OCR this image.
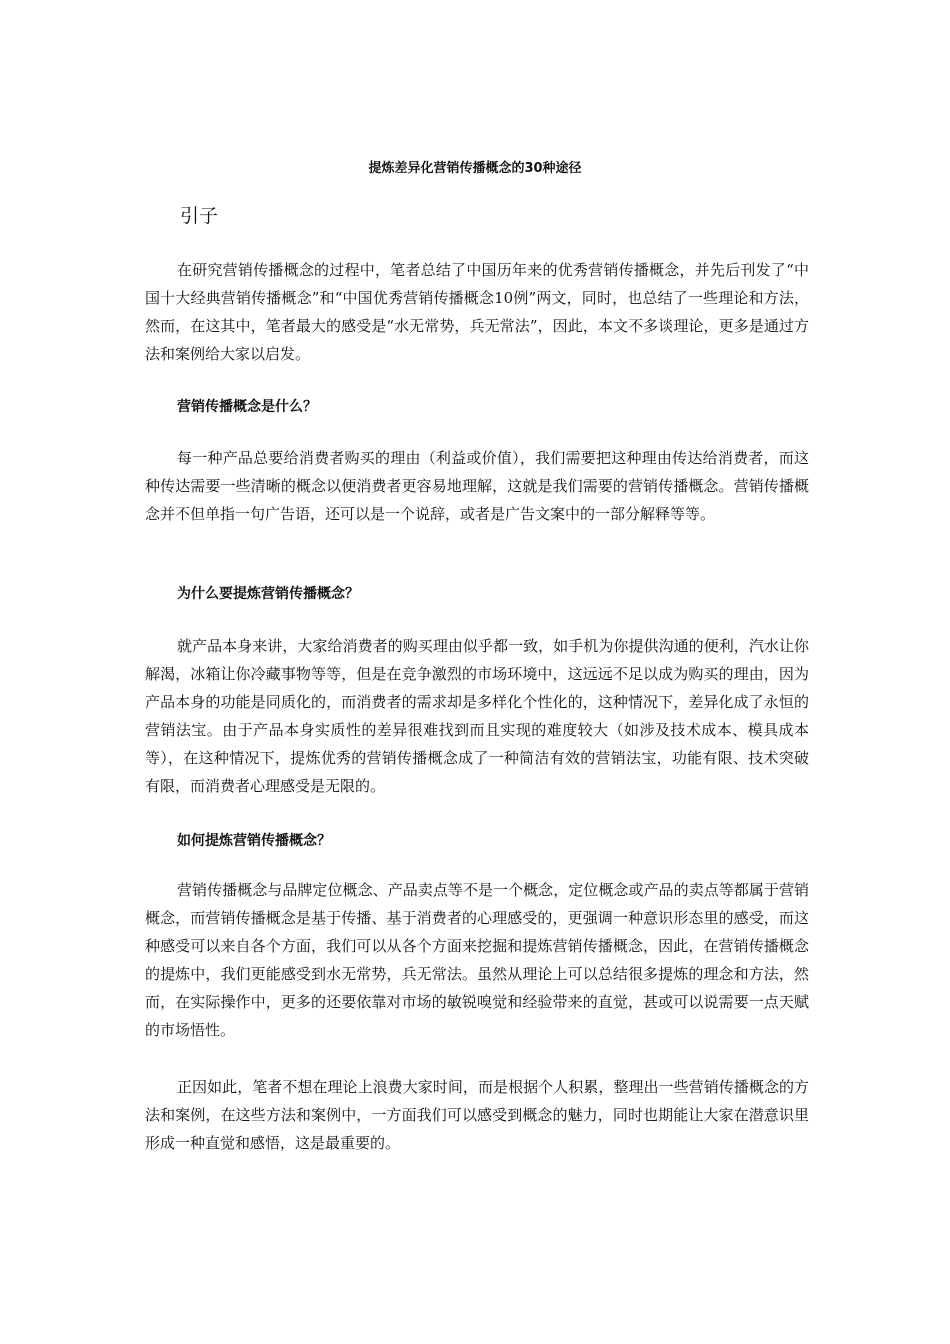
提炼差异化营销传播概念的30种途径
引子

在研究营销传播概念的过程中，笔者总结了中国历年来的优秀营销传播概念，并先后刊发了“中国十大经典营销传播概念”和“中国优秀营销传播概念10例”两文，同时，也总结了一些理论和方法，然而，在这其中，笔者最大的感受是“水无常势，兵无常法”，因此，本文不多谈理论，更多是通过方法和案例给大家以启发。

营销传播概念是什么？

每一种产品总要给消费者购买的理由（利益或价值），我们需要把这种理由传达给消费者，而这种传达需要一些清晰的概念以便消费者更容易地理解，这就是我们需要的营销传播概念。营销传播概念并不但单指一句广告语，还可以是一个说辞，或者是广告文案中的一部分解释等等。

为什么要提炼营销传播概念？

就产品本身来讲，大家给消费者的购买理由似乎都一致，如手机为你提供沟通的便利，汽水让你解渴，冰箱让你冷藏事物等等，但是在竞争激烈的市场环境中，这远远不足以成为购买的理由，因为产品本身的功能是同质化的，而消费者的需求却是多样化个性化的，这种情况下，差异化成了永恒的营销法宝。由于产品本身实质性的差异很难找到而且实现的难度较大（如涉及技术成本、模具成本等），在这种情况下，提炼优秀的营销传播概念成了一种简洁有效的营销法宝，功能有限、技术突破有限，而消费者心理感受是无限的。

如何提炼营销传播概念？

营销传播概念与品牌定位概念、产品卖点等不是一个概念，定位概念或产品的卖点等都属于营销概念，而营销传播概念是基于传播、基于消费者的心理感受的，更强调一种意识形态里的感受，而这种感受可以来自各个方面，我们可以从各个方面来挖掘和提炼营销传播概念，因此，在营销传播概念的提炼中，我们更能感受到水无常势，兵无常法。虽然从理论上可以总结很多提炼的理念和方法，然而，在实际操作中，更多的还要依靠对市场的敏锐嗅觉和经验带来的直觉，甚或可以说需要一点天赋的市场悟性。

正因如此，笔者不想在理论上浪费大家时间，而是根据个人积累，整理出一些营销传播概念的方法和案例，在这些方法和案例中，一方面我们可以感受到概念的魅力，同时也期能让大家在潜意识里形成一种直觉和感悟，这是最重要的。
